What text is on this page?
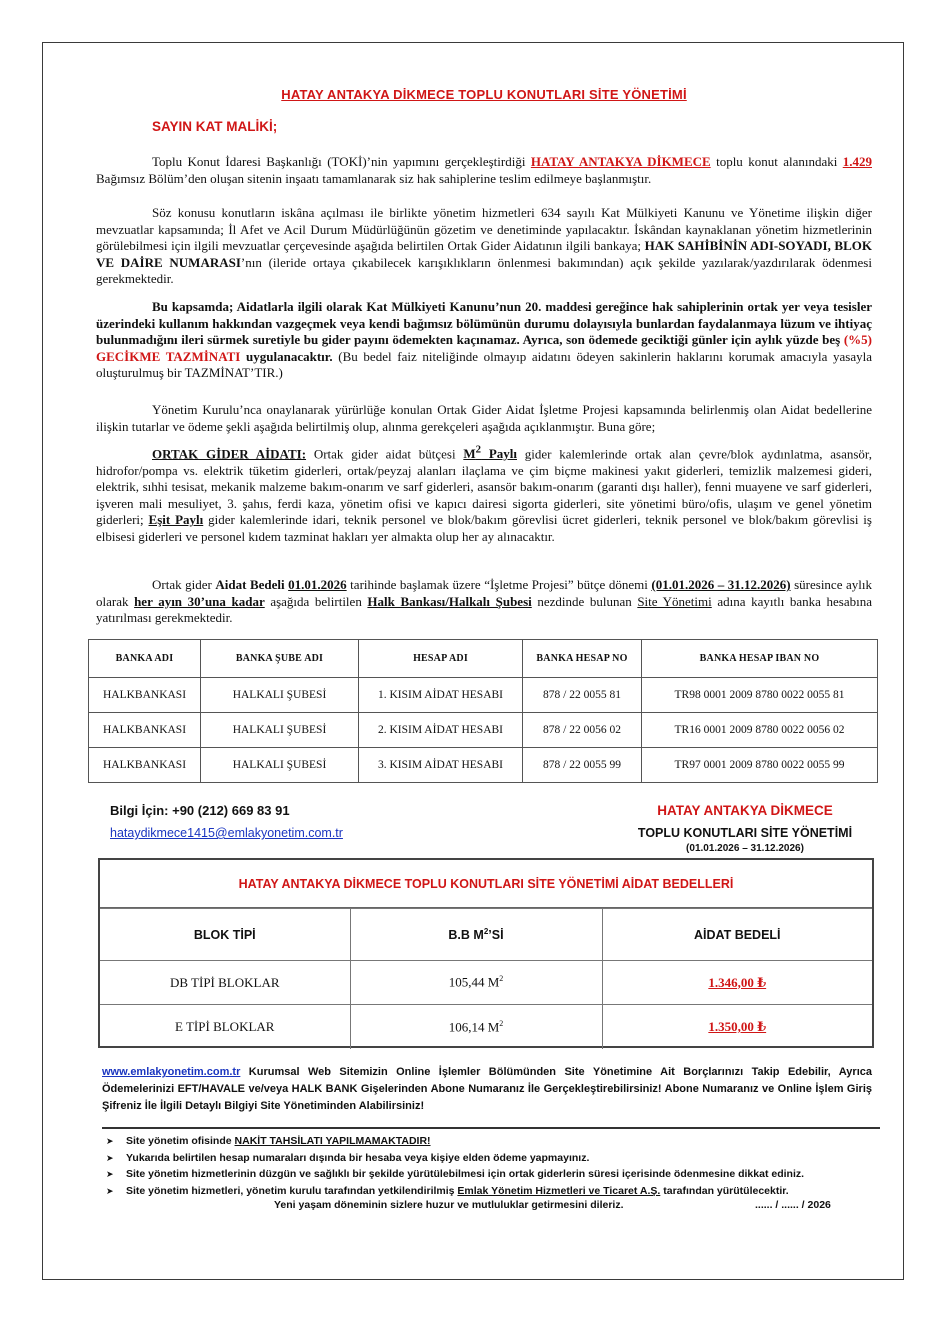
HATAY ANTAKYA DİKMECE TOPLU KONUTLARI SİTE YÖNETİMİ
SAYIN KAT MALİKİ;

Toplu Konut İdaresi Başkanlığı (TOKİ)’nin yapımını gerçekleştirdiği HATAY ANTAKYA DİKMECE toplu konut alanındaki 1.429 Bağımsız Bölüm’den oluşan sitenin inşaatı tamamlanarak siz hak sahiplerine teslim edilmeye başlanmıştır.

Söz konusu konutların iskâna açılması ile birlikte yönetim hizmetleri 634 sayılı Kat Mülkiyeti Kanunu ve Yönetime ilişkin diğer mevzuatlar kapsamında; İl Afet ve Acil Durum Müdürlüğünün gözetim ve denetiminde yapılacaktır. İskândan kaynaklanan yönetim hizmetlerinin görülebilmesi için ilgili mevzuatlar çerçevesinde aşağıda belirtilen Ortak Gider Aidatının ilgili bankaya; HAK SAHİBİNİN ADI-SOYADI, BLOK VE DAİRE NUMARASI’nın (ileride ortaya çıkabilecek karışıklıkların önlenmesi bakımından) açık şekilde yazılarak/yazdırılarak ödenmesi gerekmektedir.

Bu kapsamda; Aidatlarla ilgili olarak Kat Mülkiyeti Kanunu’nun 20. maddesi gereğince hak sahiplerinin ortak yer veya tesisler üzerindeki kullanım hakkından vazgeçmek veya kendi bağımsız bölümünün durumu dolayısıyla bunlardan faydalanmaya lüzum ve ihtiyaç bulunmadığını ileri sürmek suretiyle bu gider payını ödemekten kaçınamaz. Ayrıca, son ödemede geciktiği günler için aylık yüzde beş (%5) GECİKME TAZMİNATI uygulanacaktır. (Bu bedel faiz niteliğinde olmayıp aidatını ödeyen sakinlerin haklarını korumak amacıyla yasayla oluşturulmuş bir TAZMİNAT’TIR.)

Yönetim Kurulu’nca onaylanarak yürürlüğe konulan Ortak Gider Aidat İşletme Projesi kapsamında belirlenmiş olan Aidat bedellerine ilişkin tutarlar ve ödeme şekli aşağıda belirtilmiş olup, alınma gerekçeleri aşağıda açıklanmıştır. Buna göre;

ORTAK GİDER AİDATI: Ortak gider aidat bütçesi $M^2$ Paylı gider kalemlerinde ortak alan çevre/blok aydınlatma, asansör, hidrofor/pompa vs. elektrik tüketim giderleri, ortak/peyzaj alanları ilaçlama ve çim biçme makinesi yakıt giderleri, temizlik malzemesi gideri, elektrik, sıhhi tesisat, mekanik malzeme bakım-onarım ve sarf giderleri, asansör bakım-onarım (garanti dışı haller), fenni muayene ve sarf giderleri, işveren mali mesuliyet, 3. şahıs, ferdi kaza, yönetim ofisi ve kapıcı dairesi sigorta giderleri, site yönetimi büro/ofis, ulaşım ve genel yönetim giderleri; Eşit Paylı gider kalemlerinde idari, teknik personel ve blok/bakım görevlisi ücret giderleri, teknik personel ve blok/bakım görevlisi iş elbisesi giderleri ve personel kıdem tazminat hakları yer almakta olup her ay alınacaktır.

Ortak gider Aidat Bedeli 01.01.2026 tarihinde başlamak üzere “İşletme Projesi” bütçe dönemi (01.01.2026 – 31.12.2026) süresince aylık olarak her ayın 30’una kadar aşağıda belirtilen Halk Bankası/Halkalı Şubesi nezdinde bulunan Site Yönetimi adına kayıtlı banka hesabına yatırılması gerekmektedir.

BANKA ADI	BANKA ŞUBE ADI	HESAP ADI	BANKA HESAP NO	BANKA HESAP IBAN NO
HALKBANKASI	HALKALI ŞUBESİ	1. KISIM AİDAT HESABI	878 / 22 0055 81	TR98 0001 2009 8780 0022 0055 81
HALKBANKASI	HALKALI ŞUBESİ	2. KISIM AİDAT HESABI	878 / 22 0056 02	TR16 0001 2009 8780 0022 0056 02
HALKBANKASI	HALKALI ŞUBESİ	3. KISIM AİDAT HESABI	878 / 22 0055 99	TR97 0001 2009 8780 0022 0055 99
Bilgi İçin: +90 (212) 669 83 91
hataydikmece1415@emlakyonetim.com.tr
HATAY ANTAKYA DİKMECE
TOPLU KONUTLARI SİTE YÖNETİMİ
(01.01.2026 – 31.12.2026)
HATAY ANTAKYA DİKMECE TOPLU KONUTLARI SİTE YÖNETİMİ AİDAT BEDELLERİ
BLOK TİPİ	B.B $M^2’Sİ$	AİDAT BEDELİ
DB TİPİ BLOKLAR	105,44 $M^2$	1.346,00 ₺
E TİPİ BLOKLAR	106,14 $M^2$	1.350,00 ₺

www.emlakyonetim.com.tr Kurumsal Web Sitemizin Online İşlemler Bölümünden Site Yönetimine Ait Borçlarınızı Takip Edebilir, Ayrıca Ödemelerinizi EFT/HAVALE ve/veya HALK BANK Gişelerinden Abone Numaranız İle Gerçekleştirebilirsiniz! Abone Numaranız ve Online İşlem Giriş Şifreniz İle İlgili Detaylı Bilgiyi Site Yönetiminden Alabilirsiniz!

➤ Site yönetim ofisinde NAKİT TAHSİLATI YAPILMAMAKTADIR!
➤ Yukarıda belirtilen hesap numaraları dışında bir hesaba veya kişiye elden ödeme yapmayınız.
➤ Site yönetim hizmetlerinin düzgün ve sağlıklı bir şekilde yürütülebilmesi için ortak giderlerin süresi içerisinde ödenmesine dikkat ediniz.
➤ Site yönetim hizmetleri, yönetim kurulu tarafından yetkilendirilmiş Emlak Yönetim Hizmetleri ve Ticaret A.Ş. tarafından yürütülecektir.
Yeni yaşam döneminin sizlere huzur ve mutluluklar getirmesini dileriz.	...... / ...... / 2026
